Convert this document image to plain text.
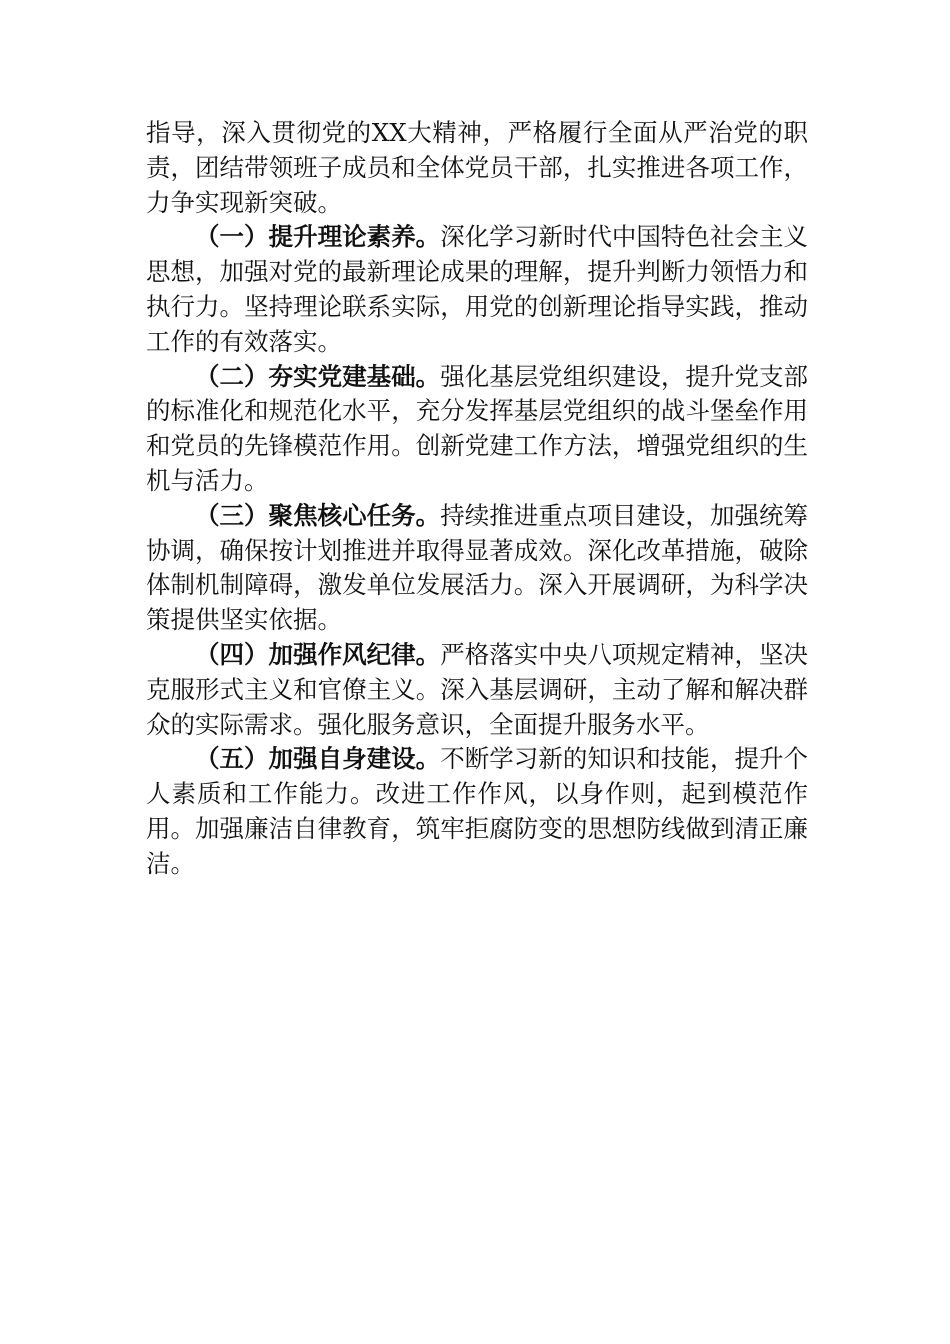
指导，深入贯彻党的XX大精神，严格履行全面从严治党的职责，团结带领班子成员和全体党员干部，扎实推进各项工作，力争实现新突破。

（一）提升理论素养。深化学习新时代中国特色社会主义思想，加强对党的最新理论成果的理解，提升判断力领悟力和执行力。坚持理论联系实际，用党的创新理论指导实践，推动工作的有效落实。

（二）夯实党建基础。强化基层党组织建设，提升党支部的标准化和规范化水平，充分发挥基层党组织的战斗堡垒作用和党员的先锋模范作用。创新党建工作方法，增强党组织的生机与活力。

（三）聚焦核心任务。持续推进重点项目建设，加强统筹协调，确保按计划推进并取得显著成效。深化改革措施，破除体制机制障碍，激发单位发展活力。深入开展调研，为科学决策提供坚实依据。

（四）加强作风纪律。严格落实中央八项规定精神，坚决克服形式主义和官僚主义。深入基层调研，主动了解和解决群众的实际需求。强化服务意识，全面提升服务水平。

（五）加强自身建设。不断学习新的知识和技能，提升个人素质和工作能力。改进工作作风，以身作则，起到模范作用。加强廉洁自律教育，筑牢拒腐防变的思想防线做到清正廉洁。
